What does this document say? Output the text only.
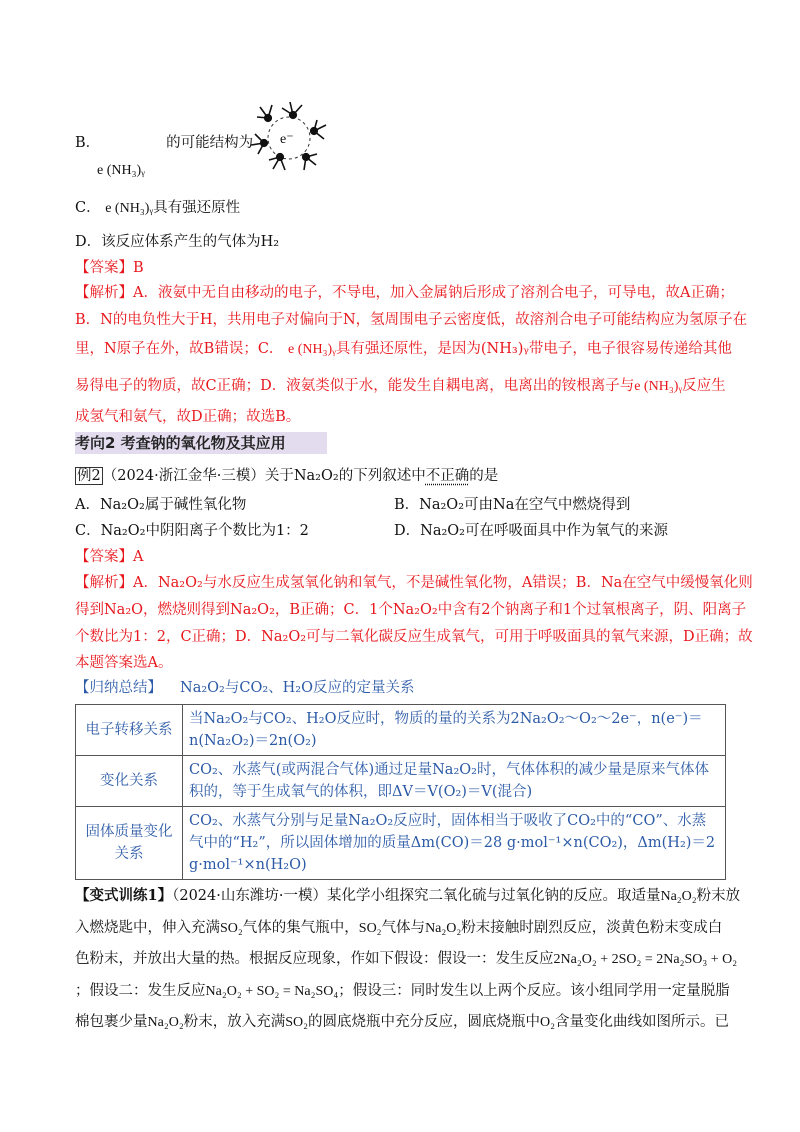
B．	的可能结构为
e (NH₃)ᵧ
e⁻
C． e (NH₃)ᵧ具有强还原性
D．该反应体系产生的气体为H₂
【答案】B
【解析】A．液氨中无自由移动的电子，不导电，加入金属钠后形成了溶剂合电子，可导电，故A正确；
B．N的电负性大于H，共用电子对偏向于N，氢周围电子云密度低，故溶剂合电子可能结构应为氢原子在
里，N原子在外，故B错误；C． e (NH₃)ᵧ具有强还原性，是因为(NH₃)ᵧ带电子，电子很容易传递给其他
易得电子的物质，故C正确；D．液氨类似于水，能发生自耦电离，电离出的铵根离子与e (NH₃)ᵧ反应生
成氢气和氨气，故D正确；故选B。
考向2 考查钠的氧化物及其应用
例2 （2024·浙江金华·三模）关于Na₂O₂的下列叙述中不正确的是
A．Na₂O₂属于碱性氧化物	B．Na₂O₂可由Na在空气中燃烧得到
C．Na₂O₂中阴阳离子个数比为1：2	D．Na₂O₂可在呼吸面具中作为氧气的来源
【答案】A
【解析】A．Na₂O₂与水反应生成氢氧化钠和氧气，不是碱性氧化物，A错误；B．Na在空气中缓慢氧化则
得到Na₂O，燃烧则得到Na₂O₂，B正确；C．1个Na₂O₂中含有2个钠离子和1个过氧根离子，阴、阳离子
个数比为1：2，C正确；D．Na₂O₂可与二氧化碳反应生成氧气，可用于呼吸面具的氧气来源，D正确；故
本题答案选A。
【归纳总结】 Na₂O₂与CO₂、H₂O反应的定量关系
电子转移关系	当Na₂O₂与CO₂、H₂O反应时，物质的量的关系为2Na₂O₂～O₂～2e⁻，n(e⁻)＝n(Na₂O₂)＝2n(O₂)
变化关系	CO₂、水蒸气(或两混合气体)通过足量Na₂O₂时，气体体积的减少量是原来气体体积的，等于生成氧气的体积，即ΔV＝V(O₂)＝V(混合)
固体质量变化关系	CO₂、水蒸气分别与足量Na₂O₂反应时，固体相当于吸收了CO₂中的“CO”、水蒸气中的“H₂”，所以固体增加的质量Δm(CO)＝28 g·mol⁻¹×n(CO₂)，Δm(H₂)＝2 g·mol⁻¹×n(H₂O)
【变式训练1】（2024·山东潍坊·一模）某化学小组探究二氧化硫与过氧化钠的反应。取适量Na₂O₂粉末放
入燃烧匙中，伸入充满SO₂气体的集气瓶中，SO₂气体与Na₂O₂粉末接触时剧烈反应，淡黄色粉末变成白
色粉末，并放出大量的热。根据反应现象，作如下假设：假设一：发生反应2Na₂O₂ + 2SO₂ = 2Na₂SO₃ + O₂
；假设二：发生反应Na₂O₂ + SO₂ = Na₂SO₄；假设三：同时发生以上两个反应。该小组同学用一定量脱脂
棉包裹少量Na₂O₂粉末，放入充满SO₂的圆底烧瓶中充分反应，圆底烧瓶中O₂含量变化曲线如图所示。已
